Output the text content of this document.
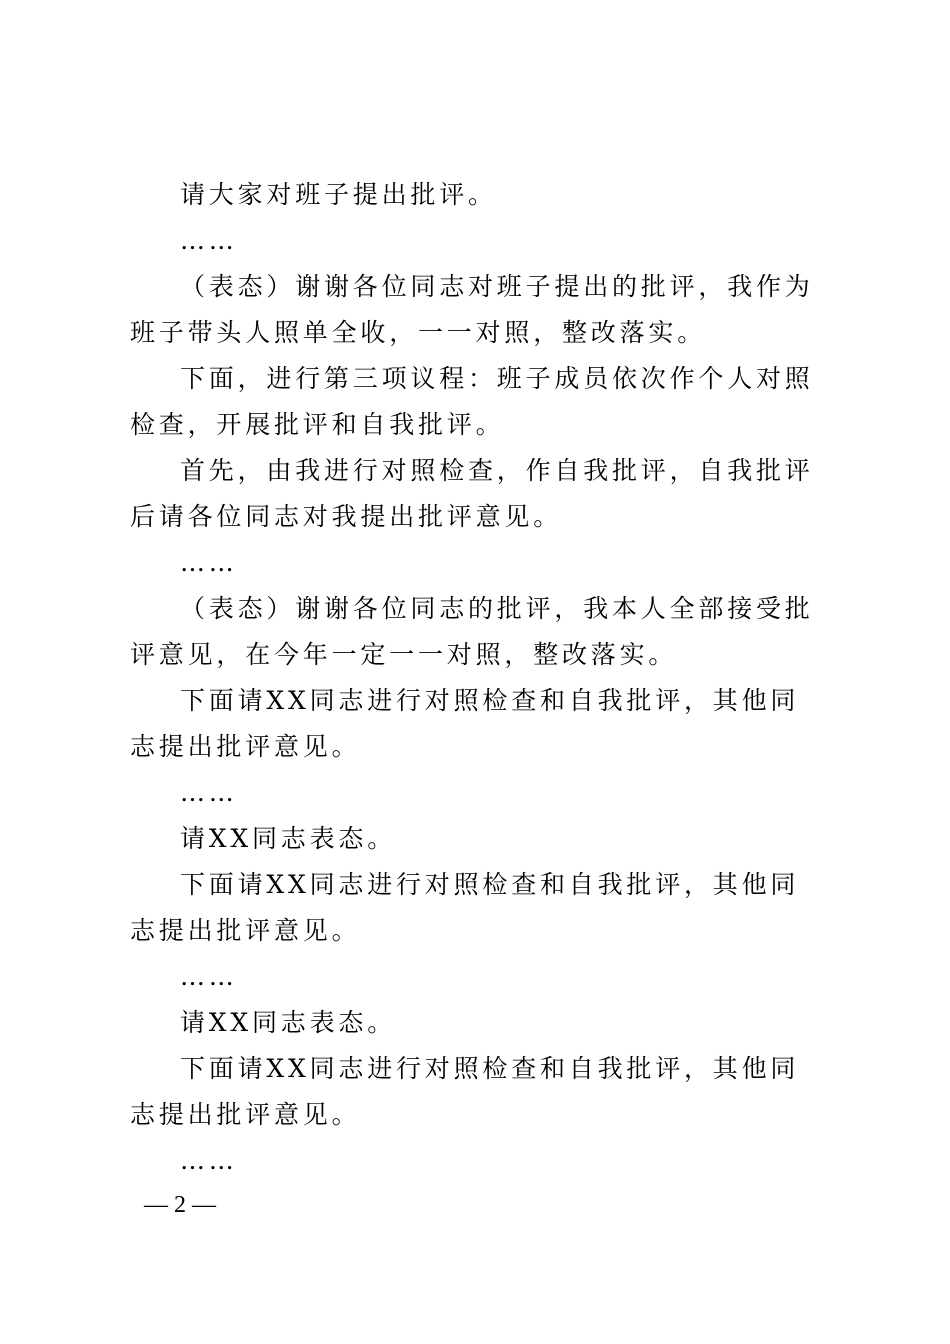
请大家对班子提出批评。

……

（表态）谢谢各位同志对班子提出的批评，我作为班子带头人照单全收，一一对照，整改落实。

下面，进行第三项议程：班子成员依次作个人对照检查，开展批评和自我批评。

首先，由我进行对照检查，作自我批评，自我批评后请各位同志对我提出批评意见。

……

（表态）谢谢各位同志的批评，我本人全部接受批评意见，在今年一定一一对照，整改落实。

下面请XX同志进行对照检查和自我批评，其他同志提出批评意见。

……

请XX同志表态。

下面请XX同志进行对照检查和自我批评，其他同志提出批评意见。

……

请XX同志表态。

下面请XX同志进行对照检查和自我批评，其他同志提出批评意见。

……

— 2 —
